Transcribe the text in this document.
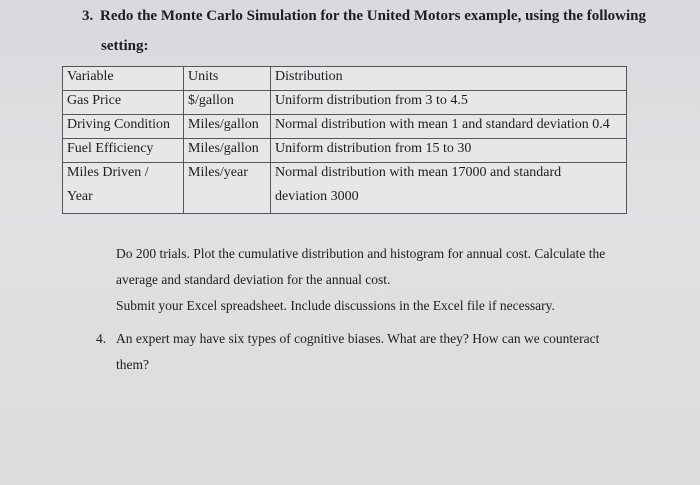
3. Redo the Monte Carlo Simulation for the United Motors example, using the following
setting:
Variable	Units	Distribution
Gas Price	$/gallon	Uniform distribution from 3 to 4.5
Driving Condition	Miles/gallon	Normal distribution with mean 1 and standard deviation 0.4
Fuel Efficiency	Miles/gallon	Uniform distribution from 15 to 30

Miles Driven /
Year	Miles/year	Normal distribution with mean 17000 and standard
deviation 3000
Do 200 trials. Plot the cumulative distribution and histogram for annual cost. Calculate the
average and standard deviation for the annual cost.
Submit your Excel spreadsheet. Include discussions in the Excel file if necessary.
4. An expert may have six types of cognitive biases. What are they? How can we counteract
them?
